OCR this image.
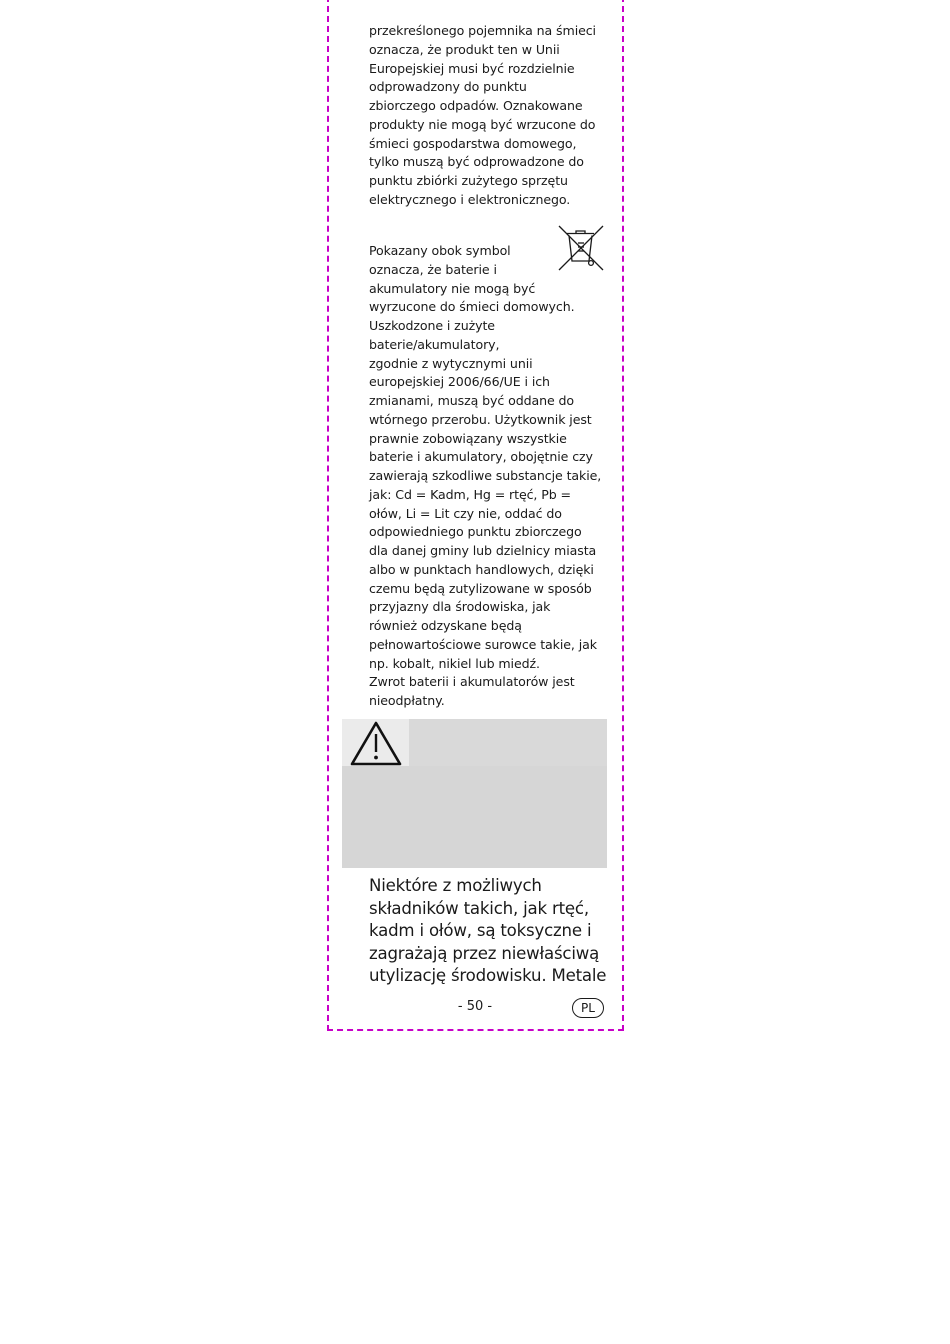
przekreślonego pojemnika na śmieci
oznacza, że produkt ten w Unii
Europejskiej musi być rozdzielnie
odprowadzony do punktu
zbiorczego odpadów. Oznakowane
produkty nie mogą być wrzucone do
śmieci gospodarstwa domowego,
tylko muszą być odprowadzone do
punktu zbiórki zużytego sprzętu
elektrycznego i elektronicznego.
Pokazany obok symbol
oznacza, że baterie i
akumulatory nie mogą być
wyrzucone do śmieci domowych.
Uszkodzone i zużyte
baterie/akumulatory,
zgodnie z wytycznymi unii
europejskiej 2006/66/UE i ich
zmianami, muszą być oddane do
wtórnego przerobu. Użytkownik jest
prawnie zobowiązany wszystkie
baterie i akumulatory, obojętnie czy
zawierają szkodliwe substancje takie,
jak: Cd = Kadm, Hg = rtęć, Pb =
ołów, Li = Lit czy nie, oddać do
odpowiedniego punktu zbiorczego
dla danej gminy lub dzielnicy miasta
albo w punktach handlowych, dzięki
czemu będą zutylizowane w sposób
przyjazny dla środowiska, jak
również odzyskane będą
pełnowartościowe surowce takie, jak
np. kobalt, nikiel lub miedź.
Zwrot baterii i akumulatorów jest
nieodpłatny.
Niektóre z możliwych
składników takich, jak rtęć,
kadm i ołów, są toksyczne i
zagrażają przez niewłaściwą
utylizację środowisku. Metale
- 50 -	PL
